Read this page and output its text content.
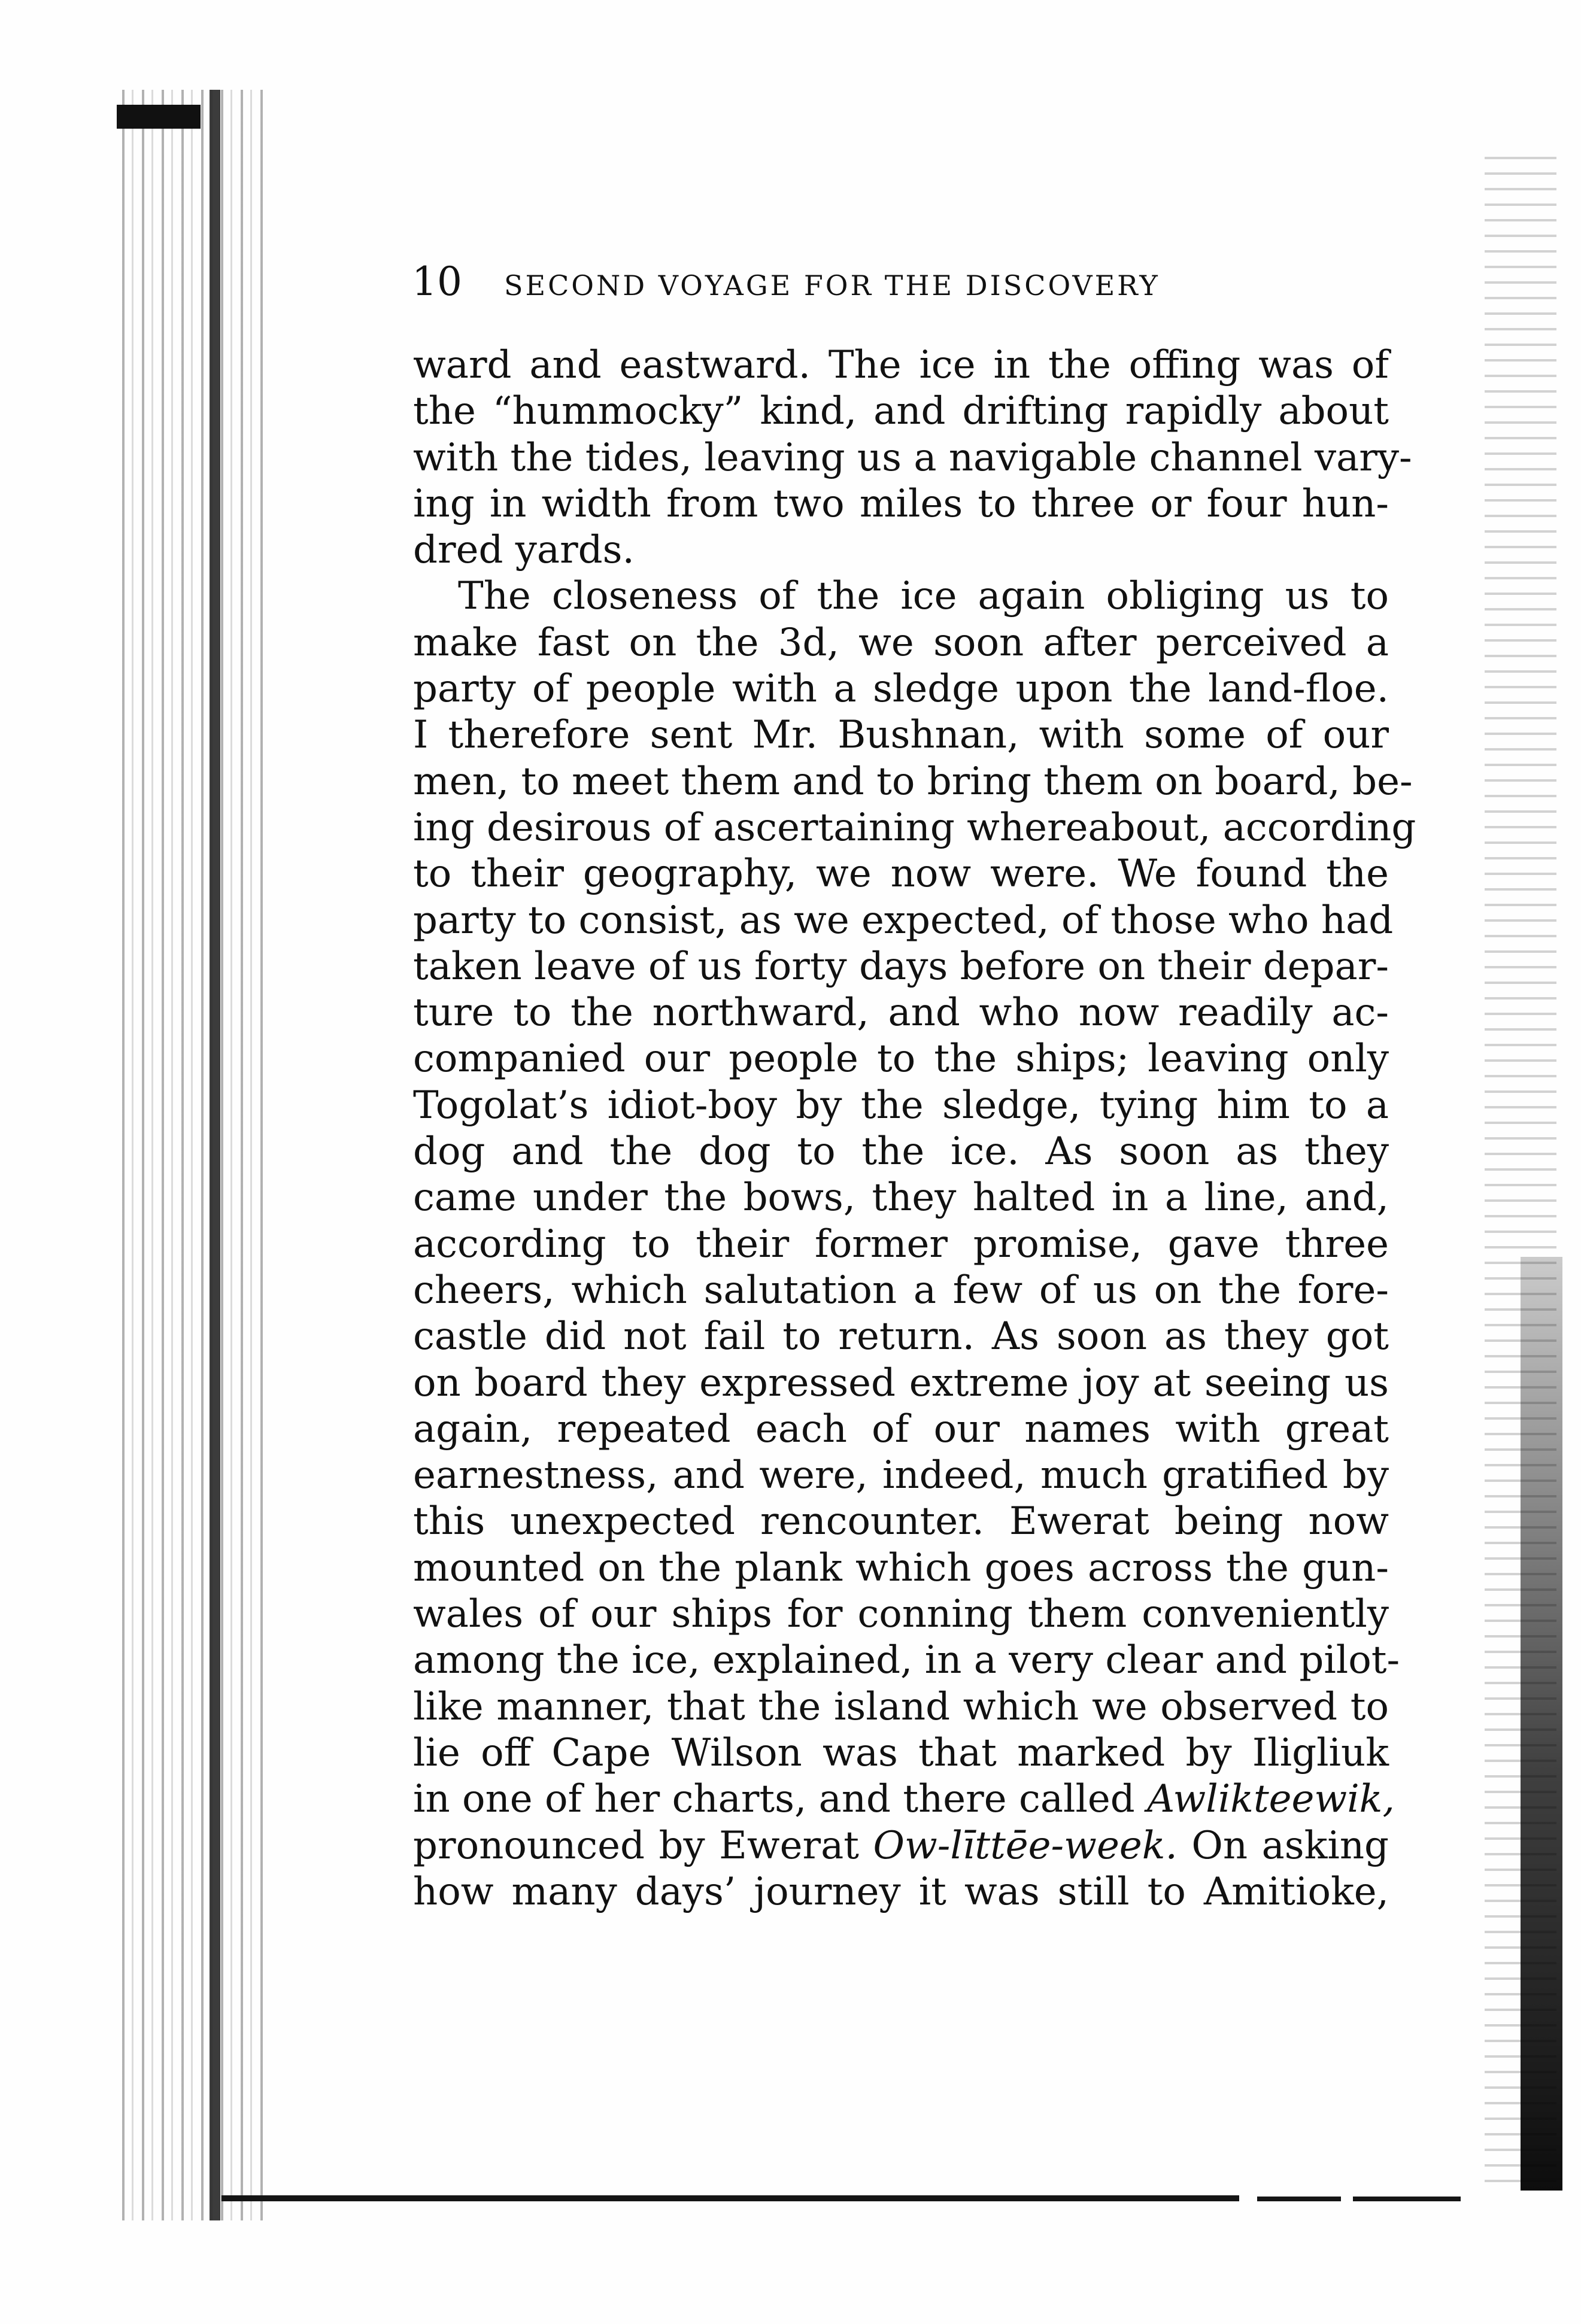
10 SECOND VOYAGE FOR THE DISCOVERY
ward and eastward. The ice in the offing was of
the “hummocky” kind, and drifting rapidly about
with the tides, leaving us a navigable channel vary-
ing in width from two miles to three or four hun-
dred yards.
The closeness of the ice again obliging us to
make fast on the 3d, we soon after perceived a
party of people with a sledge upon the land-floe.
I therefore sent Mr. Bushnan, with some of our
men, to meet them and to bring them on board, be-
ing desirous of ascertaining whereabout, according
to their geography, we now were. We found the
party to consist, as we expected, of those who had
taken leave of us forty days before on their depar-
ture to the northward, and who now readily ac-
companied our people to the ships; leaving only
Togolat’s idiot-boy by the sledge, tying him to a
dog and the dog to the ice. As soon as they
came under the bows, they halted in a line, and,
according to their former promise, gave three
cheers, which salutation a few of us on the fore-
castle did not fail to return. As soon as they got
on board they expressed extreme joy at seeing us
again, repeated each of our names with great
earnestness, and were, indeed, much gratified by
this unexpected rencounter. Ewerat being now
mounted on the plank which goes across the gun-
wales of our ships for conning them conveniently
among the ice, explained, in a very clear and pilot-
like manner, that the island which we observed to
lie off Cape Wilson was that marked by Iligliuk
in one of her charts, and there called Awlikteewik,
pronounced by Ewerat Ow-līttēe-week. On asking
how many days’ journey it was still to Amitioke,
